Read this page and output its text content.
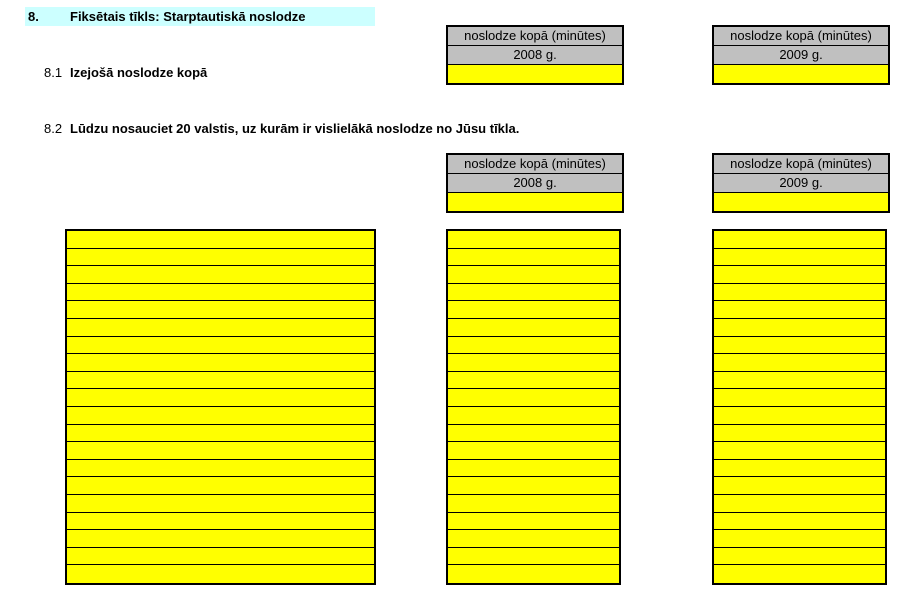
8. Fiksētais tīkls: Starptautiskā noslodze
8.1 Izejošā noslodze kopā
noslodze kopā (minūtes)
2008 g.
noslodze kopā (minūtes)
2009 g.
8.2 Lūdzu nosauciet 20 valstis, uz kurām ir vislielākā noslodze no Jūsu tīkla.
noslodze kopā (minūtes)
2008 g.
noslodze kopā (minūtes)
2009 g.
